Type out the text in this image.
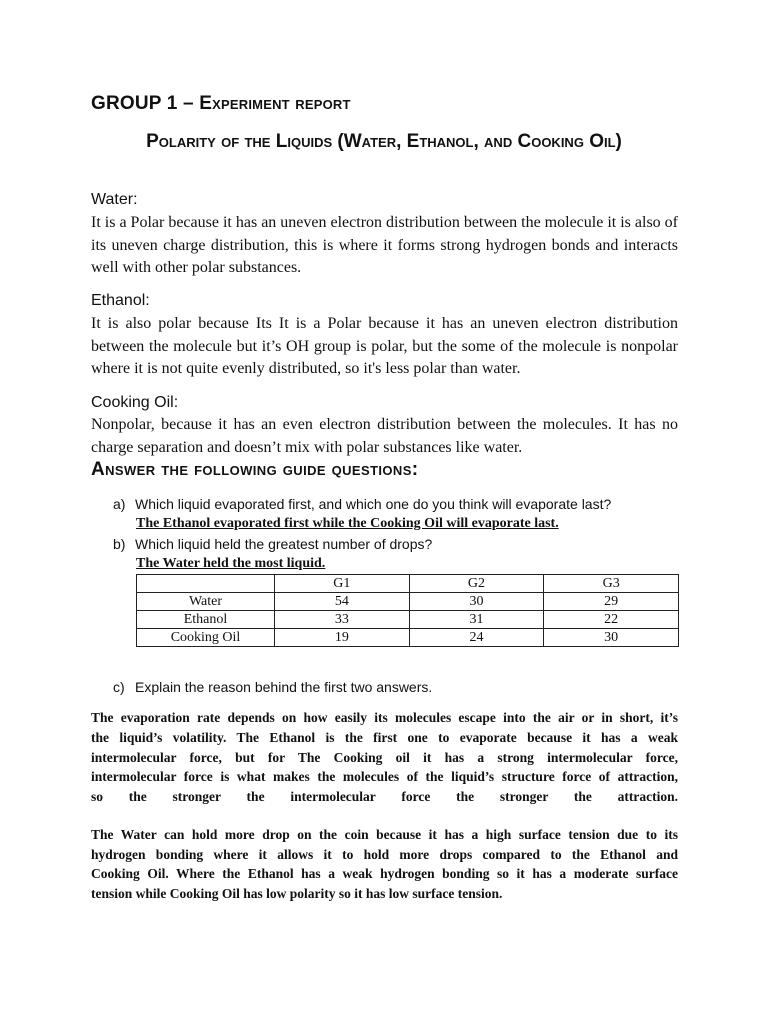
GROUP 1 – Experiment report
Polarity of the Liquids (Water, Ethanol, and Cooking Oil)
Water:
It is a Polar because it has an uneven electron distribution between the molecule it is also of its uneven charge distribution, this is where it forms strong hydrogen bonds and interacts well with other polar substances.
Ethanol:
It is also polar because Its It is a Polar because it has an uneven electron distribution between the molecule but it’s OH group is polar, but the some of the molecule is nonpolar where it is not quite evenly distributed, so it's less polar than water.
Cooking Oil:
Nonpolar, because it has an even electron distribution between the molecules. It has no charge separation and doesn’t mix with polar substances like water.
Answer the following guide questions:
a) Which liquid evaporated first, and which one do you think will evaporate last?
The Ethanol evaporated first while the Cooking Oil will evaporate last.
b) Which liquid held the greatest number of drops?
The Water held the most liquid.
	G1	G2	G3
Water	54	30	29
Ethanol	33	31	22
Cooking Oil	19	24	30
c) Explain the reason behind the first two answers.
The evaporation rate depends on how easily its molecules escape into the air or in short, it’s
the liquid’s volatility. The Ethanol is the first one to evaporate because it has a weak
intermolecular force, but for The Cooking oil it has a strong intermolecular force,
intermolecular force is what makes the molecules of the liquid’s structure force of attraction,
so the stronger the intermolecular force the stronger the attraction.
The Water can hold more drop on the coin because it has a high surface tension due to its
hydrogen bonding where it allows it to hold more drops compared to the Ethanol and
Cooking Oil. Where the Ethanol has a weak hydrogen bonding so it has a moderate surface
tension while Cooking Oil has low polarity so it has low surface tension.
